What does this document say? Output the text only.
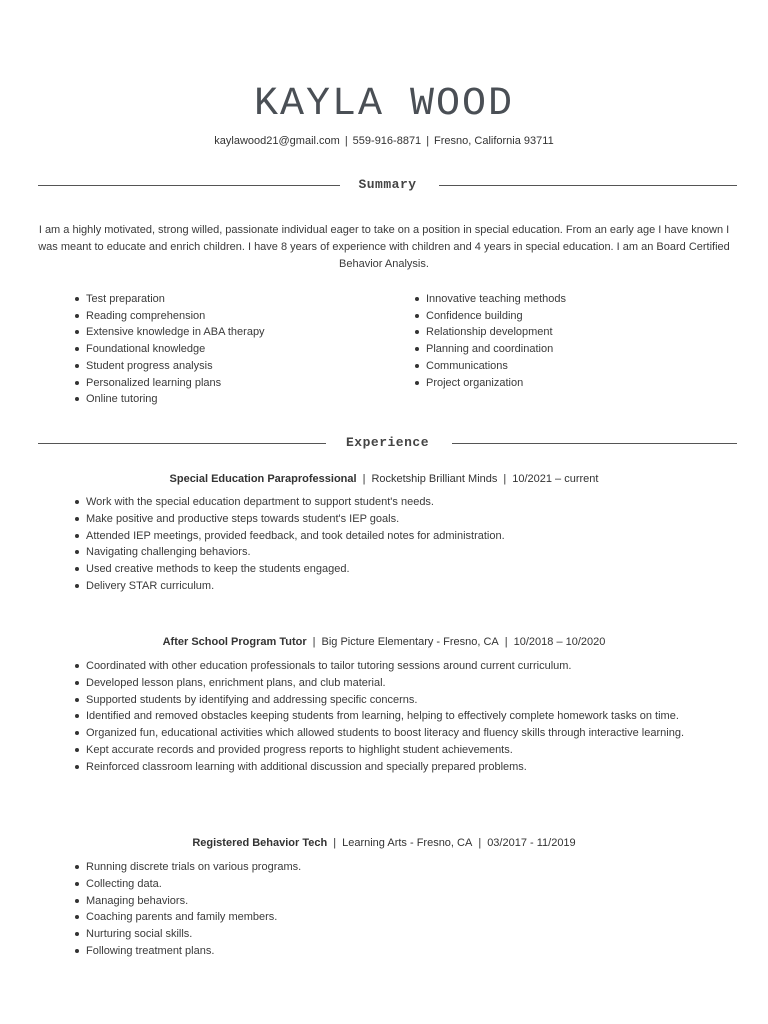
KAYLA WOOD
kaylawood21@gmail.com | 559-916-8871 | Fresno, California 93711
Summary

I am a highly motivated, strong willed, passionate individual eager to take on a position in special education. From an early age I have known I was meant to educate and enrich children. I have 8 years of experience with children and 4 years in special education. I am an Board Certified Behavior Analysis.

Test preparation
Reading comprehension
Extensive knowledge in ABA therapy
Foundational knowledge
Student progress analysis
Personalized learning plans
Online tutoring
Innovative teaching methods
Confidence building
Relationship development
Planning and coordination
Communications
Project organization
Experience
Special Education Paraprofessional | Rocketship Brilliant Minds | 10/2021 – current
Work with the special education department to support student's needs.
Make positive and productive steps towards student's IEP goals.
Attended IEP meetings, provided feedback, and took detailed notes for administration.
Navigating challenging behaviors.
Used creative methods to keep the students engaged.
Delivery STAR curriculum.
After School Program Tutor | Big Picture Elementary - Fresno, CA | 10/2018 – 10/2020
Coordinated with other education professionals to tailor tutoring sessions around current curriculum.
Developed lesson plans, enrichment plans, and club material.
Supported students by identifying and addressing specific concerns.
Identified and removed obstacles keeping students from learning, helping to effectively complete homework tasks on time.
Organized fun, educational activities which allowed students to boost literacy and fluency skills through interactive learning.
Kept accurate records and provided progress reports to highlight student achievements.
Reinforced classroom learning with additional discussion and specially prepared problems.
Registered Behavior Tech | Learning Arts - Fresno, CA | 03/2017 - 11/2019
Running discrete trials on various programs.
Collecting data.
Managing behaviors.
Coaching parents and family members.
Nurturing social skills.
Following treatment plans.
